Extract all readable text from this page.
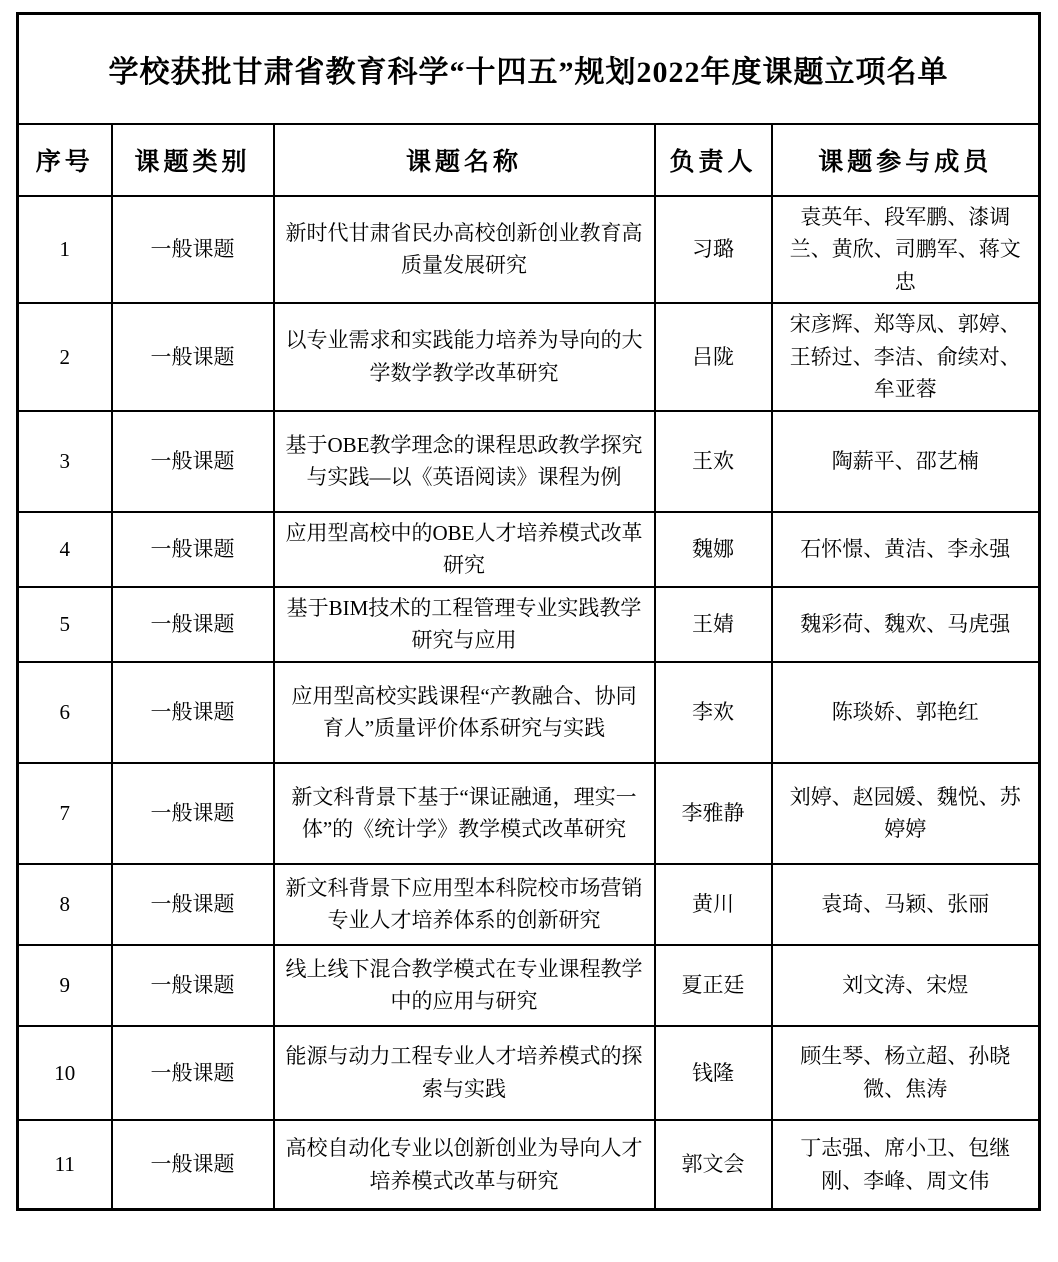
学校获批甘肃省教育科学“十四五”规划2022年度课题立项名单				
序号	课题类别	课题名称	负责人	课题参与成员
1	一般课题	新时代甘肃省民办高校创新创业教育高质量发展研究	习璐	袁英年、段军鹏、漆调兰、黄欣、司鹏军、蒋文忠
2	一般课题	以专业需求和实践能力培养为导向的大学数学教学改革研究	吕陇	宋彦辉、郑等凤、郭婷、王轿过、李洁、俞续对、牟亚蓉
3	一般课题	基于OBE教学理念的课程思政教学探究与实践—以《英语阅读》课程为例	王欢	陶薪平、邵艺楠
4	一般课题	应用型高校中的OBE人才培养模式改革研究	魏娜	石怀憬、黄洁、李永强
5	一般课题	基于BIM技术的工程管理专业实践教学研究与应用	王婧	魏彩荷、魏欢、马虎强
6	一般课题	应用型高校实践课程“产教融合、协同育人”质量评价体系研究与实践	李欢	陈琰娇、郭艳红
7	一般课题	新文科背景下基于“课证融通，理实一体”的《统计学》教学模式改革研究	李雅静	刘婷、赵园媛、魏悦、苏婷婷
8	一般课题	新文科背景下应用型本科院校市场营销专业人才培养体系的创新研究	黄川	袁琦、马颖、张丽
9	一般课题	线上线下混合教学模式在专业课程教学中的应用与研究	夏正廷	刘文涛、宋煜
10	一般课题	能源与动力工程专业人才培养模式的探索与实践	钱隆	顾生琴、杨立超、孙晓微、焦涛
11	一般课题	高校自动化专业以创新创业为导向人才培养模式改革与研究	郭文会	丁志强、席小卫、包继刚、李峰、周文伟
